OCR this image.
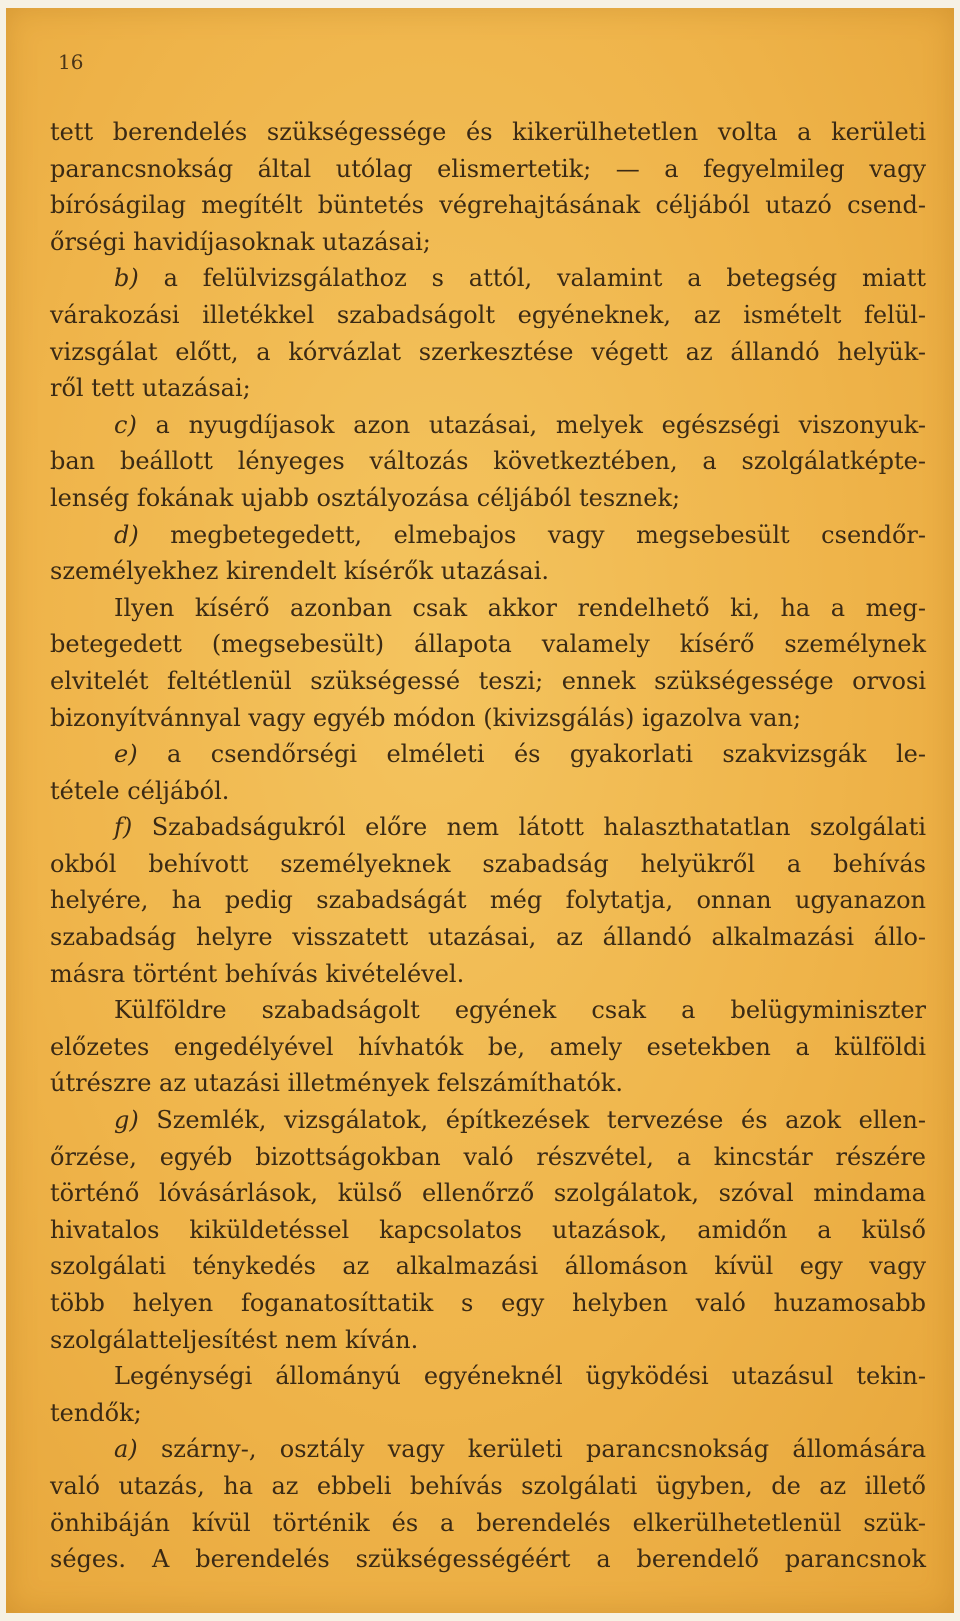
16
tett berendelés szükségessége és kikerülhetetlen volta a kerületi
parancsnokság által utólag elismertetik; — a fegyelmileg vagy
bíróságilag megítélt büntetés végrehajtásának céljából utazó csend-
őrségi havidíjasoknak utazásai;
b) a felülvizsgálathoz s attól, valamint a betegség miatt
várakozási illetékkel szabadságolt egyéneknek, az ismételt felül-
vizsgálat előtt, a kórvázlat szerkesztése végett az állandó helyük-
ről tett utazásai;
c) a nyugdíjasok azon utazásai, melyek egészségi viszonyuk-
ban beállott lényeges változás következtében, a szolgálatképte-
lenség fokának ujabb osztályozása céljából tesznek;
d) megbetegedett, elmebajos vagy megsebesült csendőr-
személyekhez kirendelt kísérők utazásai.
Ilyen kísérő azonban csak akkor rendelhető ki, ha a meg-
betegedett (megsebesült) állapota valamely kísérő személynek
elvitelét feltétlenül szükségessé teszi; ennek szükségessége orvosi
bizonyítvánnyal vagy egyéb módon (kivizsgálás) igazolva van;
e) a csendőrségi elméleti és gyakorlati szakvizsgák le-
tétele céljából.
f) Szabadságukról előre nem látott halaszthatatlan szolgálati
okból behívott személyeknek szabadság helyükről a behívás
helyére, ha pedig szabadságát még folytatja, onnan ugyanazon
szabadság helyre visszatett utazásai, az állandó alkalmazási állo-
másra történt behívás kivételével.
Külföldre szabadságolt egyének csak a belügyminiszter
előzetes engedélyével hívhatók be, amely esetekben a külföldi
útrészre az utazási illetmények felszámíthatók.
g) Szemlék, vizsgálatok, építkezések tervezése és azok ellen-
őrzése, egyéb bizottságokban való részvétel, a kincstár részére
történő lóvásárlások, külső ellenőrző szolgálatok, szóval mindama
hivatalos kiküldetéssel kapcsolatos utazások, amidőn a külső
szolgálati ténykedés az alkalmazási állomáson kívül egy vagy
több helyen foganatosíttatik s egy helyben való huzamosabb
szolgálatteljesítést nem kíván.
Legénységi állományú egyéneknél ügyködési utazásul tekin-
tendők;
a) szárny-, osztály vagy kerületi parancsnokság állomására
való utazás, ha az ebbeli behívás szolgálati ügyben, de az illető
önhibáján kívül történik és a berendelés elkerülhetetlenül szük-
séges. A berendelés szükségességéért a berendelő parancsnok
